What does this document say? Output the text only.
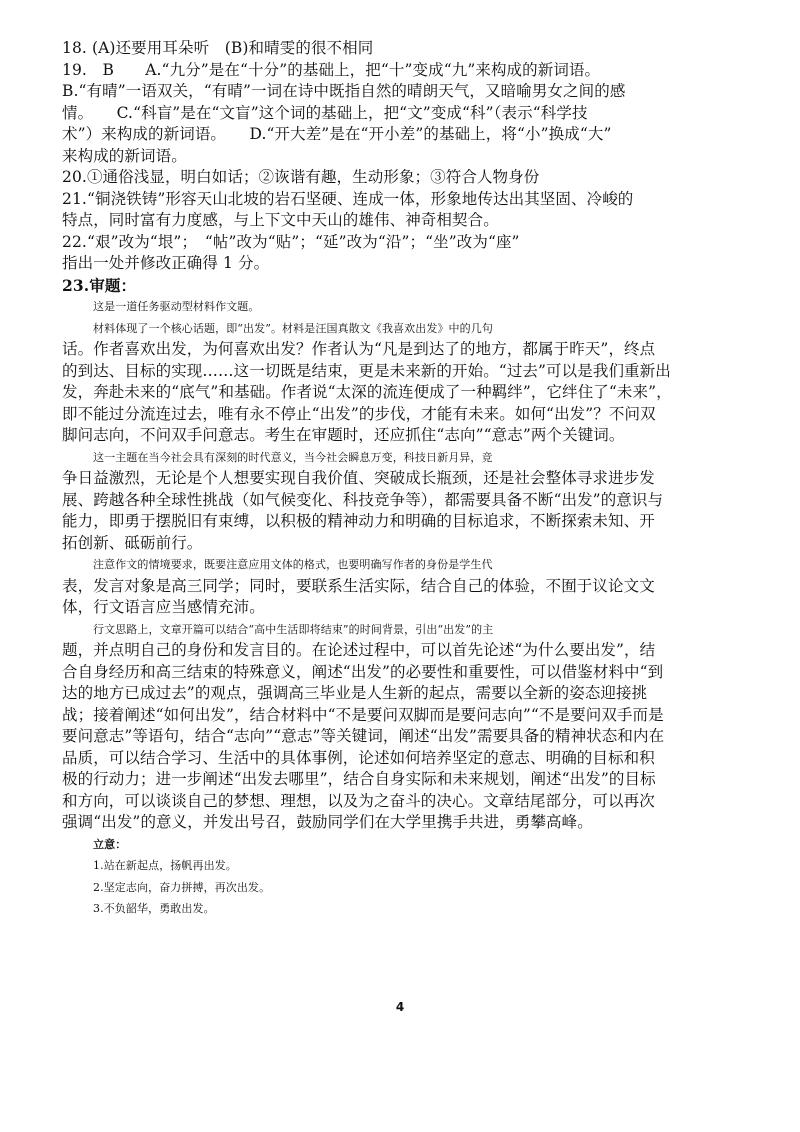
18. (A)还要用耳朵听　(B)和晴雯的很不相同
19.　B　　A.“九分”是在“十分”的基础上，把“十”变成“九”来构成的新词语。
B.“有晴”一语双关，“有晴”一词在诗中既指自然的晴朗天气，又暗喻男女之间的感
情。　　C.“科盲”是在“文盲”这个词的基础上，把“文”变成“科”（表示“科学技
术”）来构成的新词语。　　D.“开大差”是在“开小差”的基础上，将“小”换成“大”
来构成的新词语。
20.①通俗浅显，明白如话；②诙谐有趣，生动形象；③符合人物身份
21.“铜浇铁铸”形容天山北坡的岩石坚硬、连成一体，形象地传达出其坚固、冷峻的
特点，同时富有力度感，与上下文中天山的雄伟、神奇相契合。
22.“艰”改为“垠”；　“帖”改为“贴”；“延”改为“沿”；“坐”改为“座”
指出一处并修改正确得 1 分。
23.审题：
这是一道任务驱动型材料作文题。
材料体现了一个核心话题，即“出发”。材料是汪国真散文《我喜欢出发》中的几句
话。作者喜欢出发，为何喜欢出发？作者认为“凡是到达了的地方，都属于昨天”，终点
的到达、目标的实现……这一切既是结束，更是未来新的开始。“过去”可以是我们重新出
发，奔赴未来的“底气”和基础。作者说“太深的流连便成了一种羁绊”，它绊住了“未来”，
即不能过分流连过去，唯有永不停止“出发”的步伐，才能有未来。如何“出发”？不问双
脚问志向，不问双手问意志。考生在审题时，还应抓住“志向”“意志”两个关键词。
这一主题在当今社会具有深刻的时代意义，当今社会瞬息万变，科技日新月异，竞
争日益激烈，无论是个人想要实现自我价值、突破成长瓶颈，还是社会整体寻求进步发
展、跨越各种全球性挑战（如气候变化、科技竞争等），都需要具备不断“出发”的意识与
能力，即勇于摆脱旧有束缚，以积极的精神动力和明确的目标追求，不断探索未知、开
拓创新、砥砺前行。
注意作文的情境要求，既要注意应用文体的格式，也要明确写作者的身份是学生代
表，发言对象是高三同学；同时，要联系生活实际，结合自己的体验，不囿于议论文文
体，行文语言应当感情充沛。
行文思路上，文章开篇可以结合“高中生活即将结束”的时间背景，引出“出发”的主
题，并点明自己的身份和发言目的。在论述过程中，可以首先论述“为什么要出发”，结
合自身经历和高三结束的特殊意义，阐述“出发”的必要性和重要性，可以借鉴材料中“到
达的地方已成过去”的观点，强调高三毕业是人生新的起点，需要以全新的姿态迎接挑
战；接着阐述“如何出发”，结合材料中“不是要问双脚而是要问志向”“不是要问双手而是
要问意志”等语句，结合“志向”“意志”等关键词，阐述“出发”需要具备的精神状态和内在
品质，可以结合学习、生活中的具体事例，论述如何培养坚定的意志、明确的目标和积
极的行动力；进一步阐述“出发去哪里”，结合自身实际和未来规划，阐述“出发”的目标
和方向，可以谈谈自己的梦想、理想，以及为之奋斗的决心。文章结尾部分，可以再次
强调“出发”的意义，并发出号召，鼓励同学们在大学里携手共进，勇攀高峰。
立意：
1.站在新起点，扬帆再出发。
2.坚定志向，奋力拼搏，再次出发。
3.不负韶华，勇敢出发。
4
